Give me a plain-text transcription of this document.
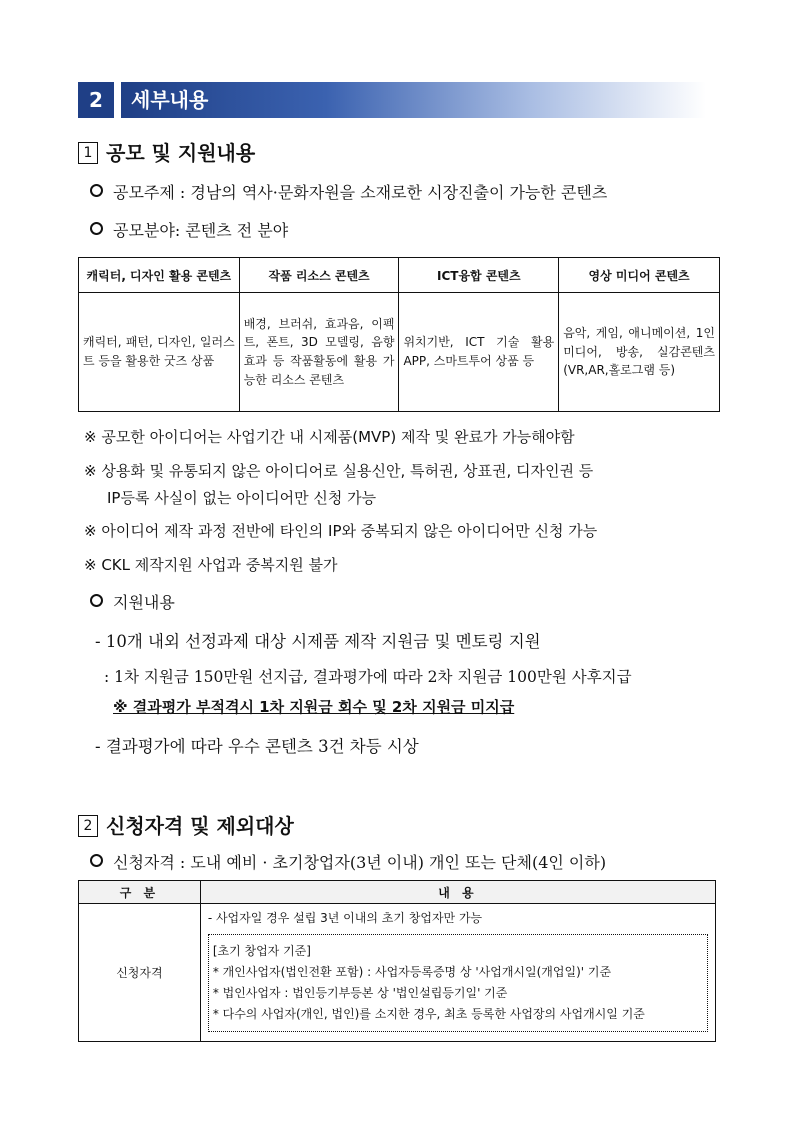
2	세부내용
1 공모 및 지원내용
공모주제 : 경남의 역사·문화자원을 소재로한 시장진출이 가능한 콘텐츠
공모분야: 콘텐츠 전 분야
캐릭터, 디자인 활용 콘텐츠	작품 리소스 콘텐츠	ICT융합 콘텐츠	영상 미디어 콘텐츠
캐릭터, 패턴, 디자인, 일러스트 등을 활용한 굿즈 상품	배경, 브러쉬, 효과음, 이펙트, 폰트, 3D 모델링, 음향 효과 등 작품활동에 활용 가능한 리소스 콘텐츠	위치기반, ICT 기술 활용 APP, 스마트투어 상품 등	음악, 게임, 애니메이션, 1인 미디어, 방송, 실감콘텐츠 (VR,AR,홀로그램 등)
※ 공모한 아이디어는 사업기간 내 시제품(MVP) 제작 및 완료가 가능해야함
※ 상용화 및 유통되지 않은 아이디어로 실용신안, 특허권, 상표권, 디자인권 등
IP등록 사실이 없는 아이디어만 신청 가능
※ 아이디어 제작 과정 전반에 타인의 IP와 중복되지 않은 아이디어만 신청 가능
※ CKL 제작지원 사업과 중복지원 불가
지원내용
- 10개 내외 선정과제 대상 시제품 제작 지원금 및 멘토링 지원
: 1차 지원금 150만원 선지급, 결과평가에 따라 2차 지원금 100만원 사후지급
※ 결과평가 부적격시 1차 지원금 회수 및 2차 지원금 미지급
- 결과평가에 따라 우수 콘텐츠 3건 차등 시상
2 신청자격 및 제외대상
신청자격 : 도내 예비 · 초기창업자(3년 이내) 개인 또는 단체(4인 이하)
구 분	내 용
신청자격	- 사업자일 경우 설립 3년 이내의 초기 창업자만 가능
[초기 창업자 기준]
* 개인사업자(법인전환 포함) : 사업자등록증명 상 '사업개시일(개업일)' 기준
* 법인사업자 : 법인등기부등본 상 '법인설립등기일' 기준
* 다수의 사업자(개인, 법인)를 소지한 경우, 최초 등록한 사업장의 사업개시일 기준
